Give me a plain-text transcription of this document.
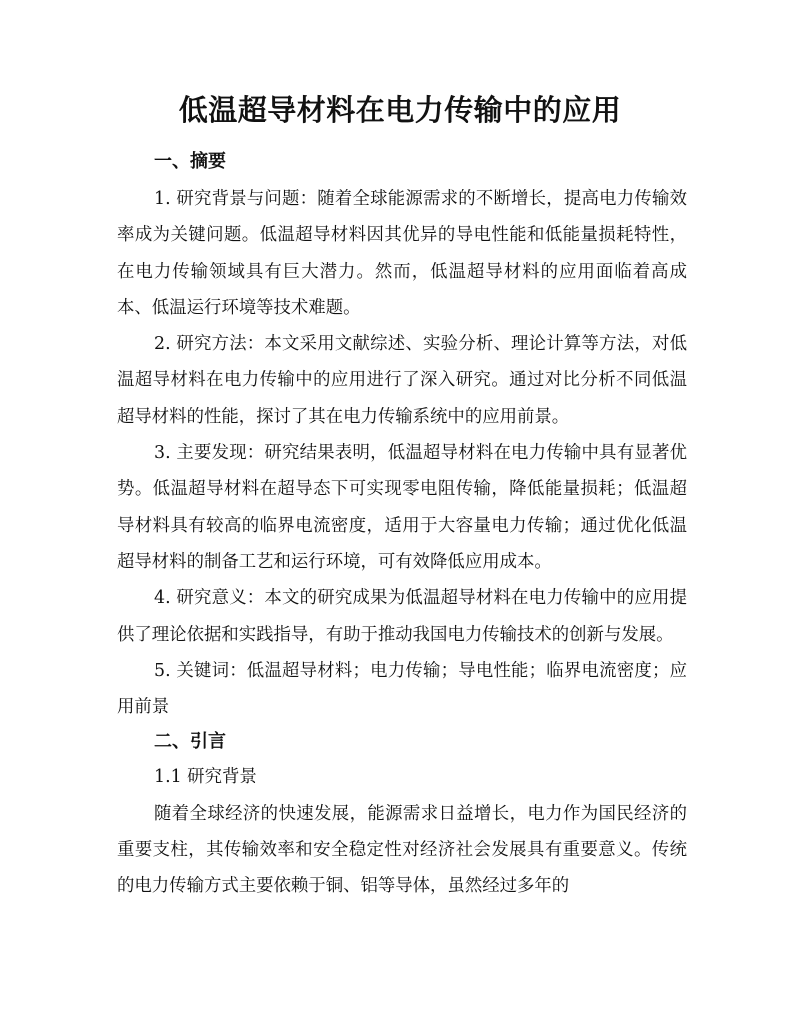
低温超导材料在电力传输中的应用
一、摘要

1. 研究背景与问题：随着全球能源需求的不断增长，提高电力传输效率成为关键问题。低温超导材料因其优异的导电性能和低能量损耗特性，在电力传输领域具有巨大潜力。然而，低温超导材料的应用面临着高成本、低温运行环境等技术难题。

2. 研究方法：本文采用文献综述、实验分析、理论计算等方法，对低温超导材料在电力传输中的应用进行了深入研究。通过对比分析不同低温超导材料的性能，探讨了其在电力传输系统中的应用前景。

3. 主要发现：研究结果表明，低温超导材料在电力传输中具有显著优势。低温超导材料在超导态下可实现零电阻传输，降低能量损耗；低温超导材料具有较高的临界电流密度，适用于大容量电力传输；通过优化低温超导材料的制备工艺和运行环境，可有效降低应用成本。

4. 研究意义：本文的研究成果为低温超导材料在电力传输中的应用提供了理论依据和实践指导，有助于推动我国电力传输技术的创新与发展。

5. 关键词：低温超导材料；电力传输；导电性能；临界电流密度；应用前景

二、引言
1.1 研究背景

随着全球经济的快速发展，能源需求日益增长，电力作为国民经济的重要支柱，其传输效率和安全稳定性对经济社会发展具有重要意义。传统的电力传输方式主要依赖于铜、铝等导体，虽然经过多年的
